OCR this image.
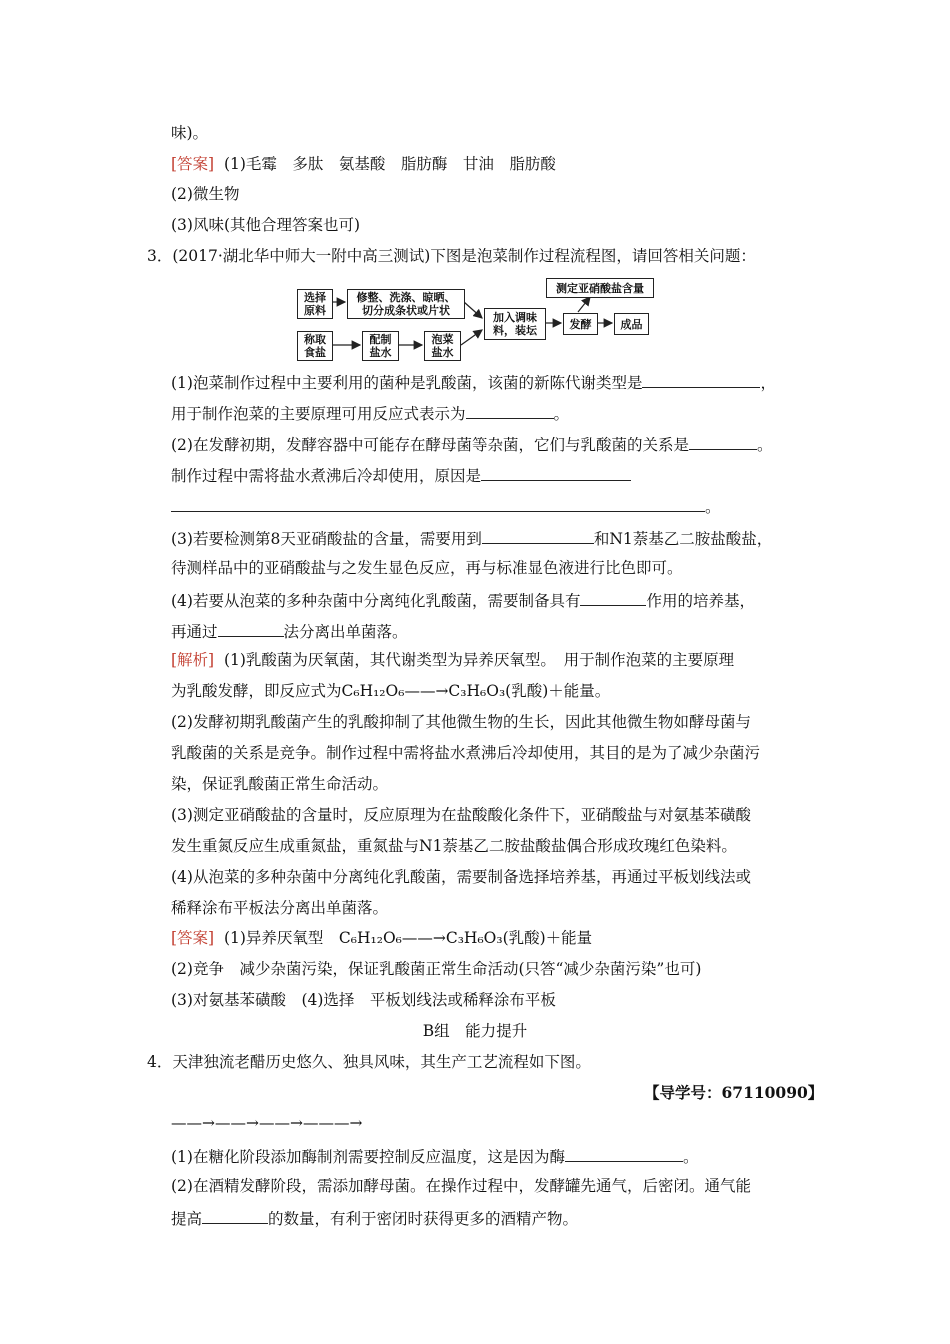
味)。
[答案] (1)毛霉　多肽　氨基酸　脂肪酶　甘油　脂肪酸
(2)微生物
(3)风味(其他合理答案也可)
3．(2017·湖北华中师大一附中高三测试)下图是泡菜制作过程流程图，请回答相关问题：
选择
原料
修整、洗涤、晾晒、
切分成条状或片状
称取
食盐
配制
盐水
泡菜
盐水
加入调味
料，装坛	发酵	成品
测定亚硝酸盐含量
(1)泡菜制作过程中主要利用的菌种是乳酸菌，该菌的新陈代谢类型是	，
用于制作泡菜的主要原理可用反应式表示为	。
(2)在发酵初期，发酵容器中可能存在酵母菌等杂菌，它们与乳酸菌的关系是	。
制作过程中需将盐水煮沸后冷却使用，原因是
。
(3)若要检测第8天亚硝酸盐的含量，需要用到	和N1萘基乙二胺盐酸盐，
待测样品中的亚硝酸盐与之发生显色反应，再与标准显色液进行比色即可。
(4)若要从泡菜的多种杂菌中分离纯化乳酸菌，需要制备具有	作用的培养基，
再通过	法分离出单菌落。
[解析] (1)乳酸菌为厌氧菌，其代谢类型为异养厌氧型。　用于制作泡菜的主要原理
为乳酸发酵，即反应式为C₆H₁₂O₆——→C₃H₆O₃(乳酸)＋能量。
(2)发酵初期乳酸菌产生的乳酸抑制了其他微生物的生长，因此其他微生物如酵母菌与
乳酸菌的关系是竞争。制作过程中需将盐水煮沸后冷却使用，其目的是为了减少杂菌污
染，保证乳酸菌正常生命活动。
(3)测定亚硝酸盐的含量时，反应原理为在盐酸酸化条件下，亚硝酸盐与对氨基苯磺酸
发生重氮反应生成重氮盐，重氮盐与N1萘基乙二胺盐酸盐偶合形成玫瑰红色染料。
(4)从泡菜的多种杂菌中分离纯化乳酸菌，需要制备选择培养基，再通过平板划线法或
稀释涂布平板法分离出单菌落。
[答案] (1)异养厌氧型　C₆H₁₂O₆——→C₃H₆O₃(乳酸)＋能量
(2)竞争　减少杂菌污染，保证乳酸菌正常生命活动(只答“减少杂菌污染”也可)
(3)对氨基苯磺酸　(4)选择　平板划线法或稀释涂布平板
B组　能力提升
4．天津独流老醋历史悠久、独具风味，其生产工艺流程如下图。
【导学号：67110090】
——→——→——→———→
(1)在糖化阶段添加酶制剂需要控制反应温度，这是因为酶	。
(2)在酒精发酵阶段，需添加酵母菌。在操作过程中，发酵罐先通气，后密闭。通气能
提高	的数量，有利于密闭时获得更多的酒精产物。
